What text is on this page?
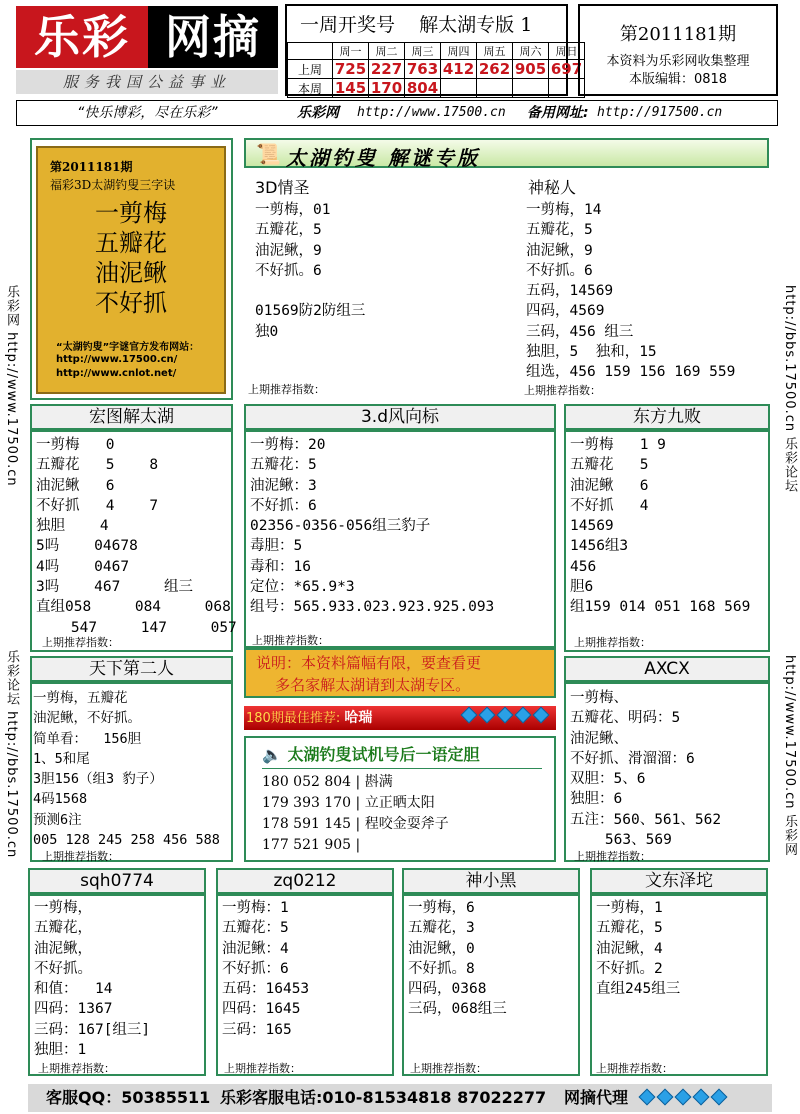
乐彩 网摘
服务我国公益事业
一周开奖号    解太湖专版 1
	周一	周二	周三	周四	周五	周六	周日
上周	725	227	763	412	262	905	697
本周	145	170	804				
第2011181期
本资料为乐彩网收集整理
本版编辑：0818
“快乐博彩，尽在乐彩”	乐彩网 http://www.17500.cn 备用网址: http://917500.cn
乐彩网 http://www.17500.cn
乐彩论坛 http://bbs.17500.cn
http://bbs.17500.cn 乐彩论坛
http://www.17500.cn 乐彩网
第2011181期
福彩3D太湖钓叟三字诀
一剪梅
五瓣花
油泥鳅
不好抓
“太湖钓叟”字谜官方发布网站：
http://www.17500.cn/
http://www.cnlot.net/
📜 太湖钓叟 解谜专版
3D情圣
一剪梅，01
五瓣花，5
油泥鳅，9
不好抓。6

01569防2防组三
独0
上期推荐指数：
神秘人
一剪梅，14
五瓣花，5
油泥鳅，9
不好抓。6
五码，14569
四码，4569
三码，456 组三
独胆，5  独和，15
组选，456 159 156 169 559
上期推荐指数：
宏图解太湖
一剪梅   0
五瓣花   5    8
油泥鳅   6
不好抓   4    7
独胆    4
5吗    04678
4吗    0467
3吗    467     组三
直组058     084     068
547     147     057
上期推荐指数：
3.d风向标
一剪梅：20
五瓣花：5
油泥鳅：3
不好抓：6
02356-0356-056组三豹子
毒胆：5
毒和：16
定位：*65.9*3
组号：565.933.023.923.925.093
上期推荐指数：
东方九败
一剪梅   1 9
五瓣花   5
油泥鳅   6
不好抓   4
14569
1456组3
456
胆6
组159 014 051 168 569
上期推荐指数：
说明：本资料篇幅有限，要查看更
多名家解太湖请到太湖专区。
180期最佳推荐: 哈瑞
天下第二人
一剪梅，五瓣花
油泥鳅，不好抓。
简单看：  156胆
1、5和尾
3胆156（组3 豹子）
4码1568
预测6注
005 128 245 258 456 588
上期推荐指数：
🔈 太湖钓叟试机号后一语定胆
180 052 804 | 斟满
179 393 170 | 立正晒太阳
178 591 145 | 程咬金耍斧子
177 521 905 |
AXCX
一剪梅、
五瓣花、明码：5
油泥鳅、
不好抓、滑溜溜：6
双胆：5、6
独胆：6
五注：560、561、562
563、569
上期推荐指数：
sqh0774
一剪梅，
五瓣花，
油泥鳅，
不好抓。
和值：  14
四码：1367
三码：167[组三]
独胆：1
上期推荐指数：
zq0212
一剪梅：1
五瓣花：5
油泥鳅：4
不好抓：6
五码：16453
四码：1645
三码：165
上期推荐指数：
神小黑
一剪梅，6
五瓣花，3
油泥鳅，0
不好抓。8
四码，0368
三码，068组三
上期推荐指数：
文东泽坨
一剪梅，1
五瓣花，5
油泥鳅，4
不好抓。2
直组245组三
上期推荐指数：
客服QQ：50385511 乐彩客服电话:010-81534818 87022277 网摘代理
